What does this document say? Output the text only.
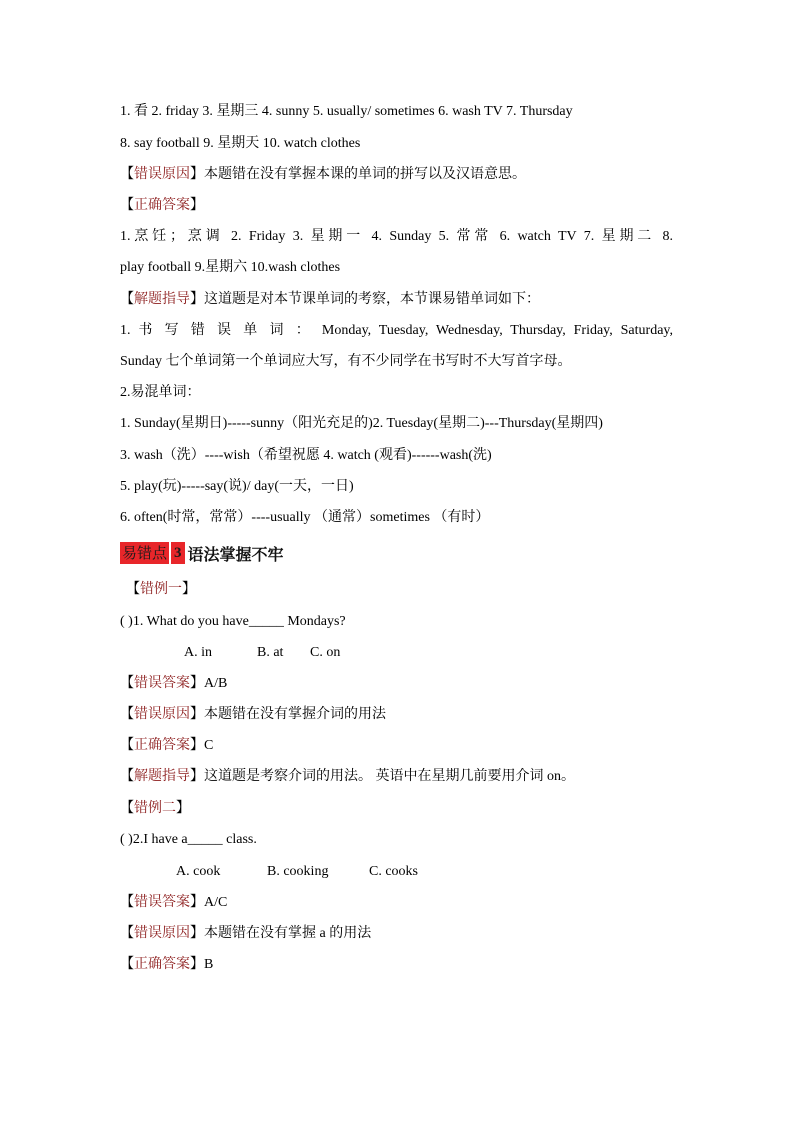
1. 看 2. friday 3. 星期三 4. sunny 5. usually/ sometimes 6. wash TV 7. Thursday
8. say football 9. 星期天 10. watch clothes
【错误原因】本题错在没有掌握本课的单词的拼写以及汉语意思。
【正确答案】
1.烹饪；烹调 2. Friday 3. 星期一 4. Sunday 5. 常常 6. watch TV 7. 星期二 8.
play football 9.星期六 10.wash clothes
【解题指导】这道题是对本节课单词的考察，本节课易错单词如下：
1. 书 写 错 误 单 词 ： Monday, Tuesday, Wednesday, Thursday, Friday, Saturday,
Sunday 七个单词第一个单词应大写，有不少同学在书写时不大写首字母。
2.易混单词：
1. Sunday(星期日)-----sunny（阳光充足的)2. Tuesday(星期二)---Thursday(星期四)
3. wash（洗）----wish（希望祝愿 4. watch (观看)------wash(洗)
5. play(玩)-----say(说)/ day(一天，一日)
6. often(时常，常常）----usually （通常）sometimes （有时）
易错点 3 语法掌握不牢
【错例一】
( )1. What do you have_____ Mondays?
A. in	B. at C. on
【错误答案】A/B
【错误原因】本题错在没有掌握介词的用法
【正确答案】C
【解题指导】这道题是考察介词的用法。 英语中在星期几前要用介词 on。
【错例二】
( )2.I have a_____ class.
A. cook	B. cooking	C. cooks
【错误答案】A/C
【错误原因】本题错在没有掌握 a 的用法
【正确答案】B
